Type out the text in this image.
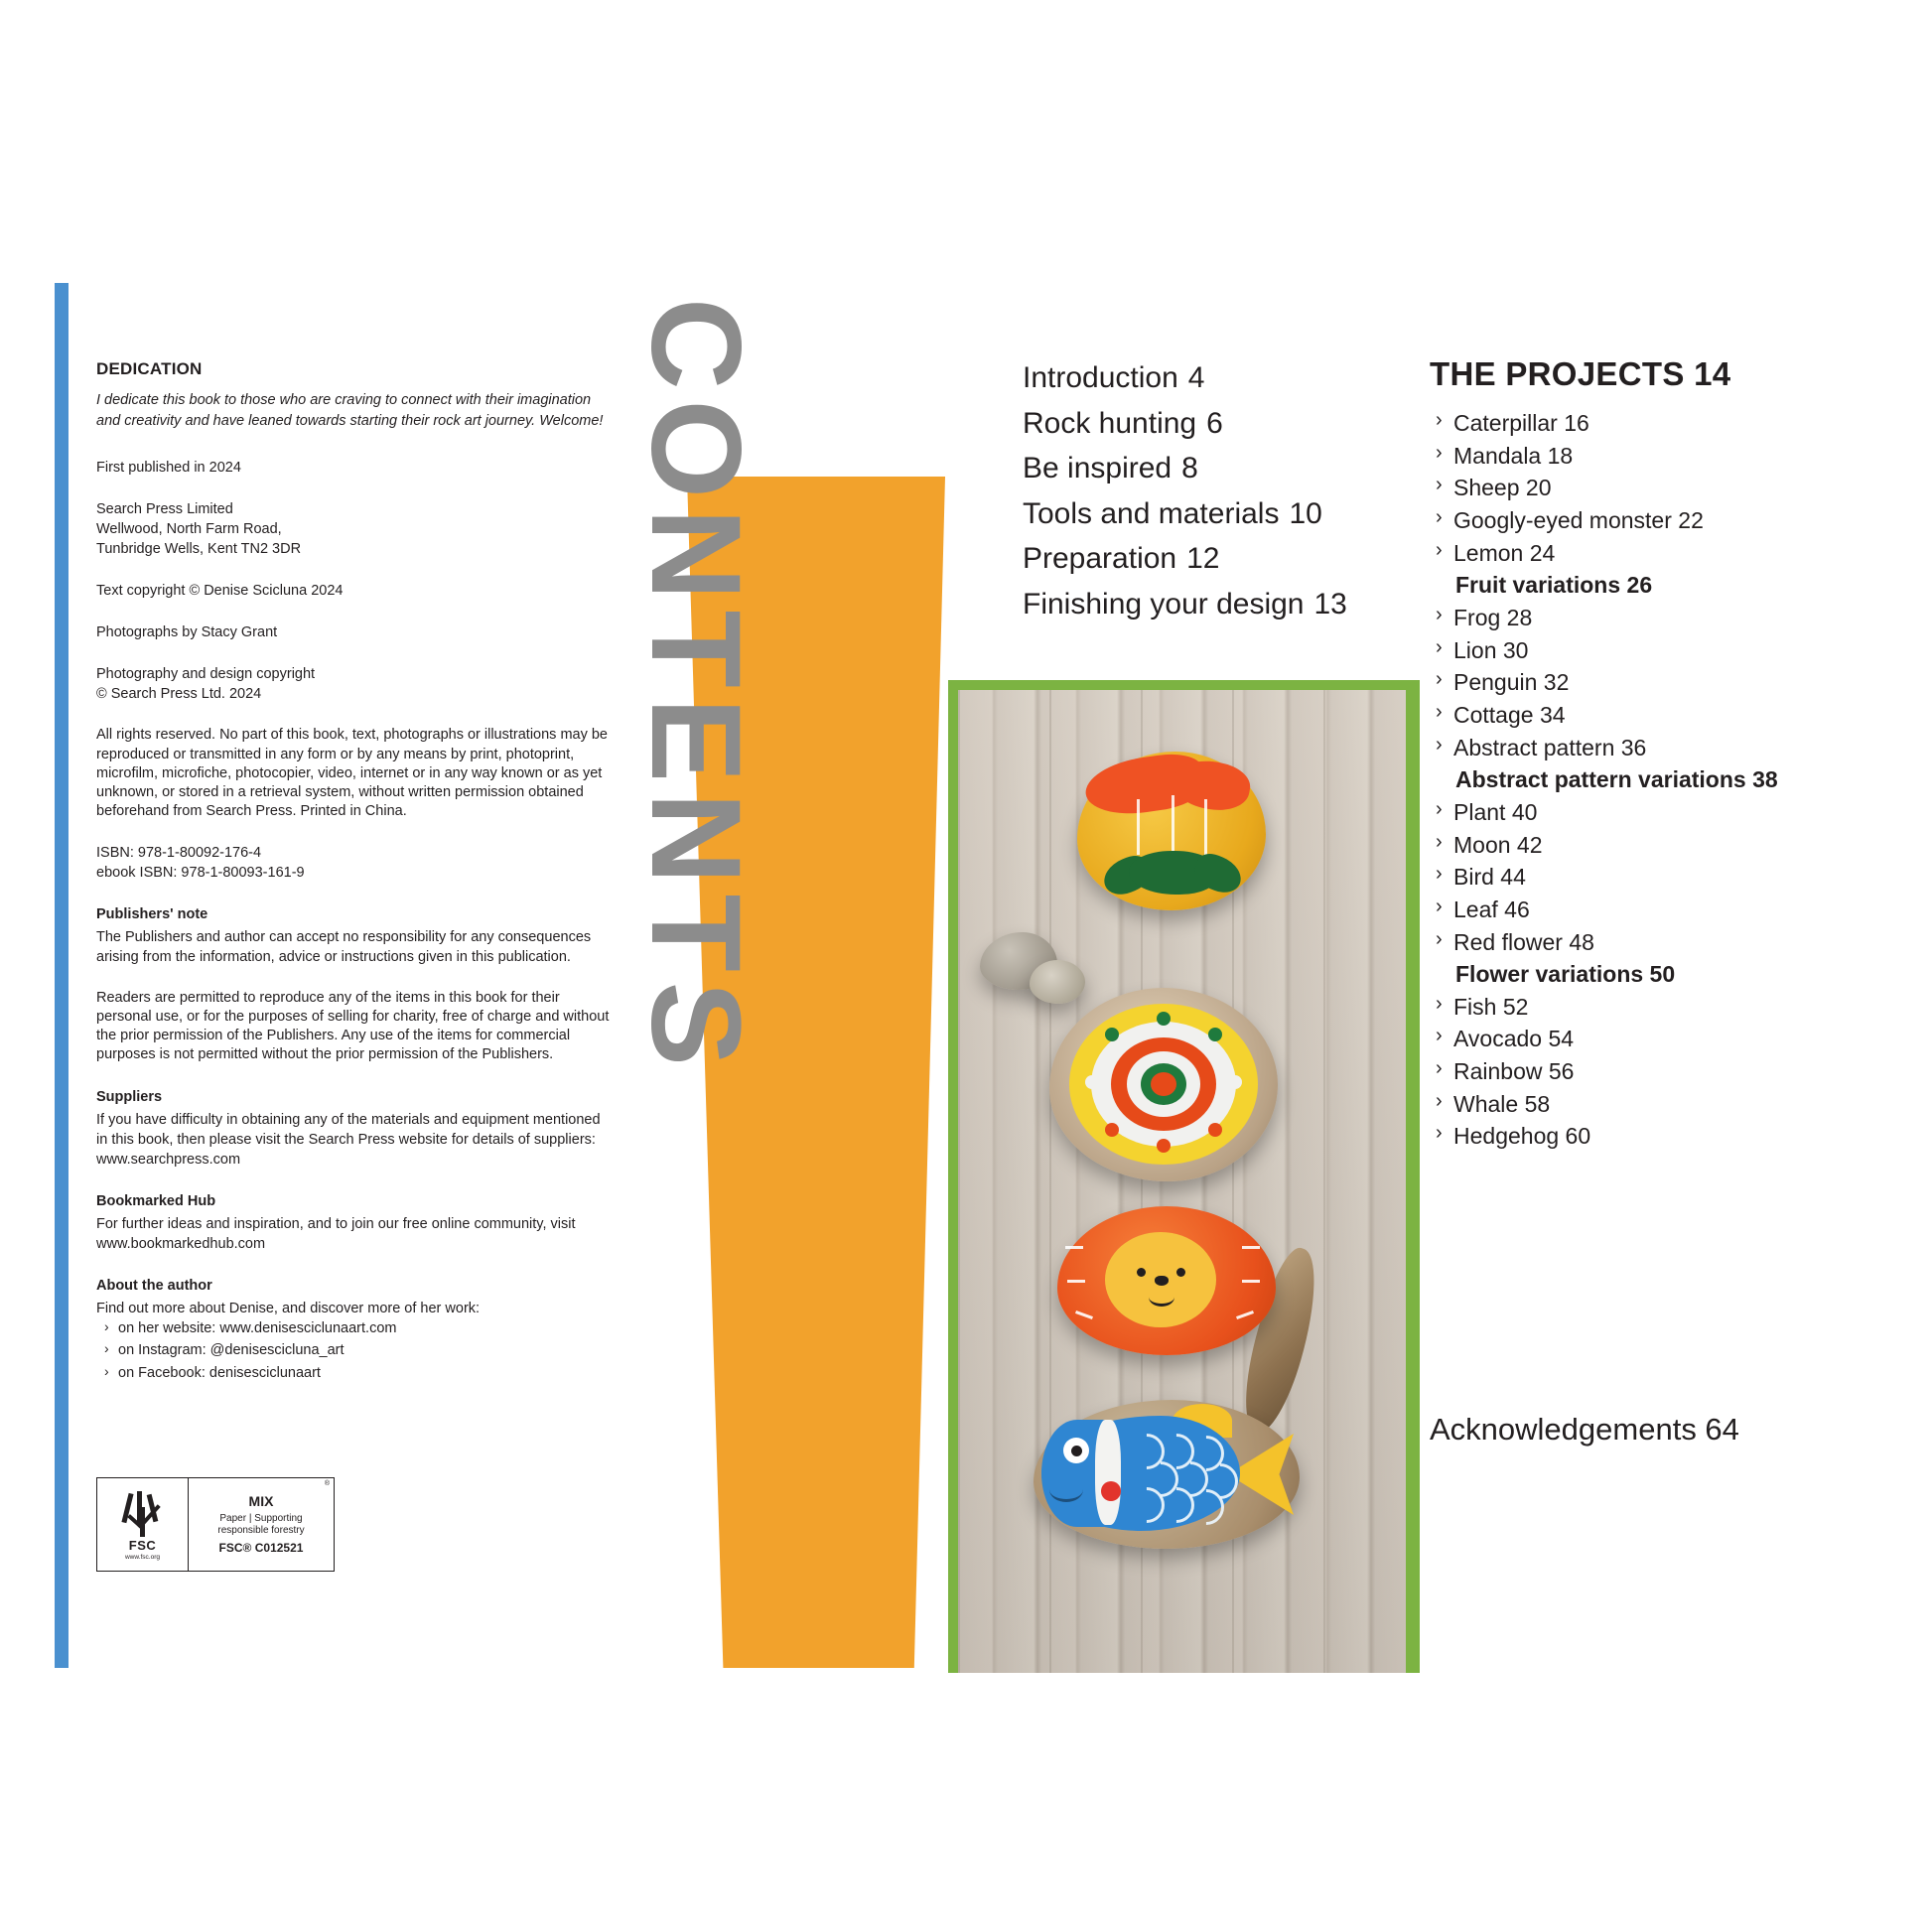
DEDICATION

I dedicate this book to those who are craving to connect with their imagination and creativity and have leaned towards starting their rock art journey. Welcome!

First published in 2024

Search Press Limited
Wellwood, North Farm Road,
Tunbridge Wells, Kent TN2 3DR

Text copyright © Denise Scicluna 2024

Photographs by Stacy Grant

Photography and design copyright
© Search Press Ltd. 2024

All rights reserved. No part of this book, text, photographs or illustrations may be reproduced or transmitted in any form or by any means by print, photoprint, microfilm, microfiche, photocopier, video, internet or in any way known or as yet unknown, or stored in a retrieval system, without written permission obtained beforehand from Search Press. Printed in China.

ISBN: 978-1-80092-176-4
ebook ISBN: 978-1-80093-161-9
Publishers' note
The Publishers and author can accept no responsibility for any consequences arising from the information, advice or instructions given in this publication.

Readers are permitted to reproduce any of the items in this book for their personal use, or for the purposes of selling for charity, free of charge and without the prior permission of the Publishers. Any use of the items for commercial purposes is not permitted without the prior permission of the Publishers.

Suppliers
If you have difficulty in obtaining any of the materials and equipment mentioned in this book, then please visit the Search Press website for details of suppliers: www.searchpress.com
Bookmarked Hub
For further ideas and inspiration, and to join our free online community, visit www.bookmarkedhub.com
About the author
Find out more about Denise, and discover more of her work:
› on her website: www.denisesciclunaart.com
› on Instagram: @denisescicluna_art
› on Facebook: denisesciclunaart
FSC
www.fsc.org
®
MIX
Paper | Supporting
responsible forestry
FSC® C012521
CONTENTS	Introduction 4
Rock hunting 6
Be inspired 8
Tools and materials 10
Preparation 12
Finishing your design 13
THE PROJECTS 14
› Caterpillar 16
› Mandala 18
› Sheep 20
› Googly-eyed monster 22
› Lemon 24
Fruit variations 26
› Frog 28
› Lion 30
› Penguin 32
› Cottage 34
› Abstract pattern 36
Abstract pattern variations 38
› Plant 40
› Moon 42
› Bird 44
› Leaf 46
› Red flower 48
Flower variations 50
› Fish 52
› Avocado 54
› Rainbow 56
› Whale 58
› Hedgehog 60
Acknowledgements 64
